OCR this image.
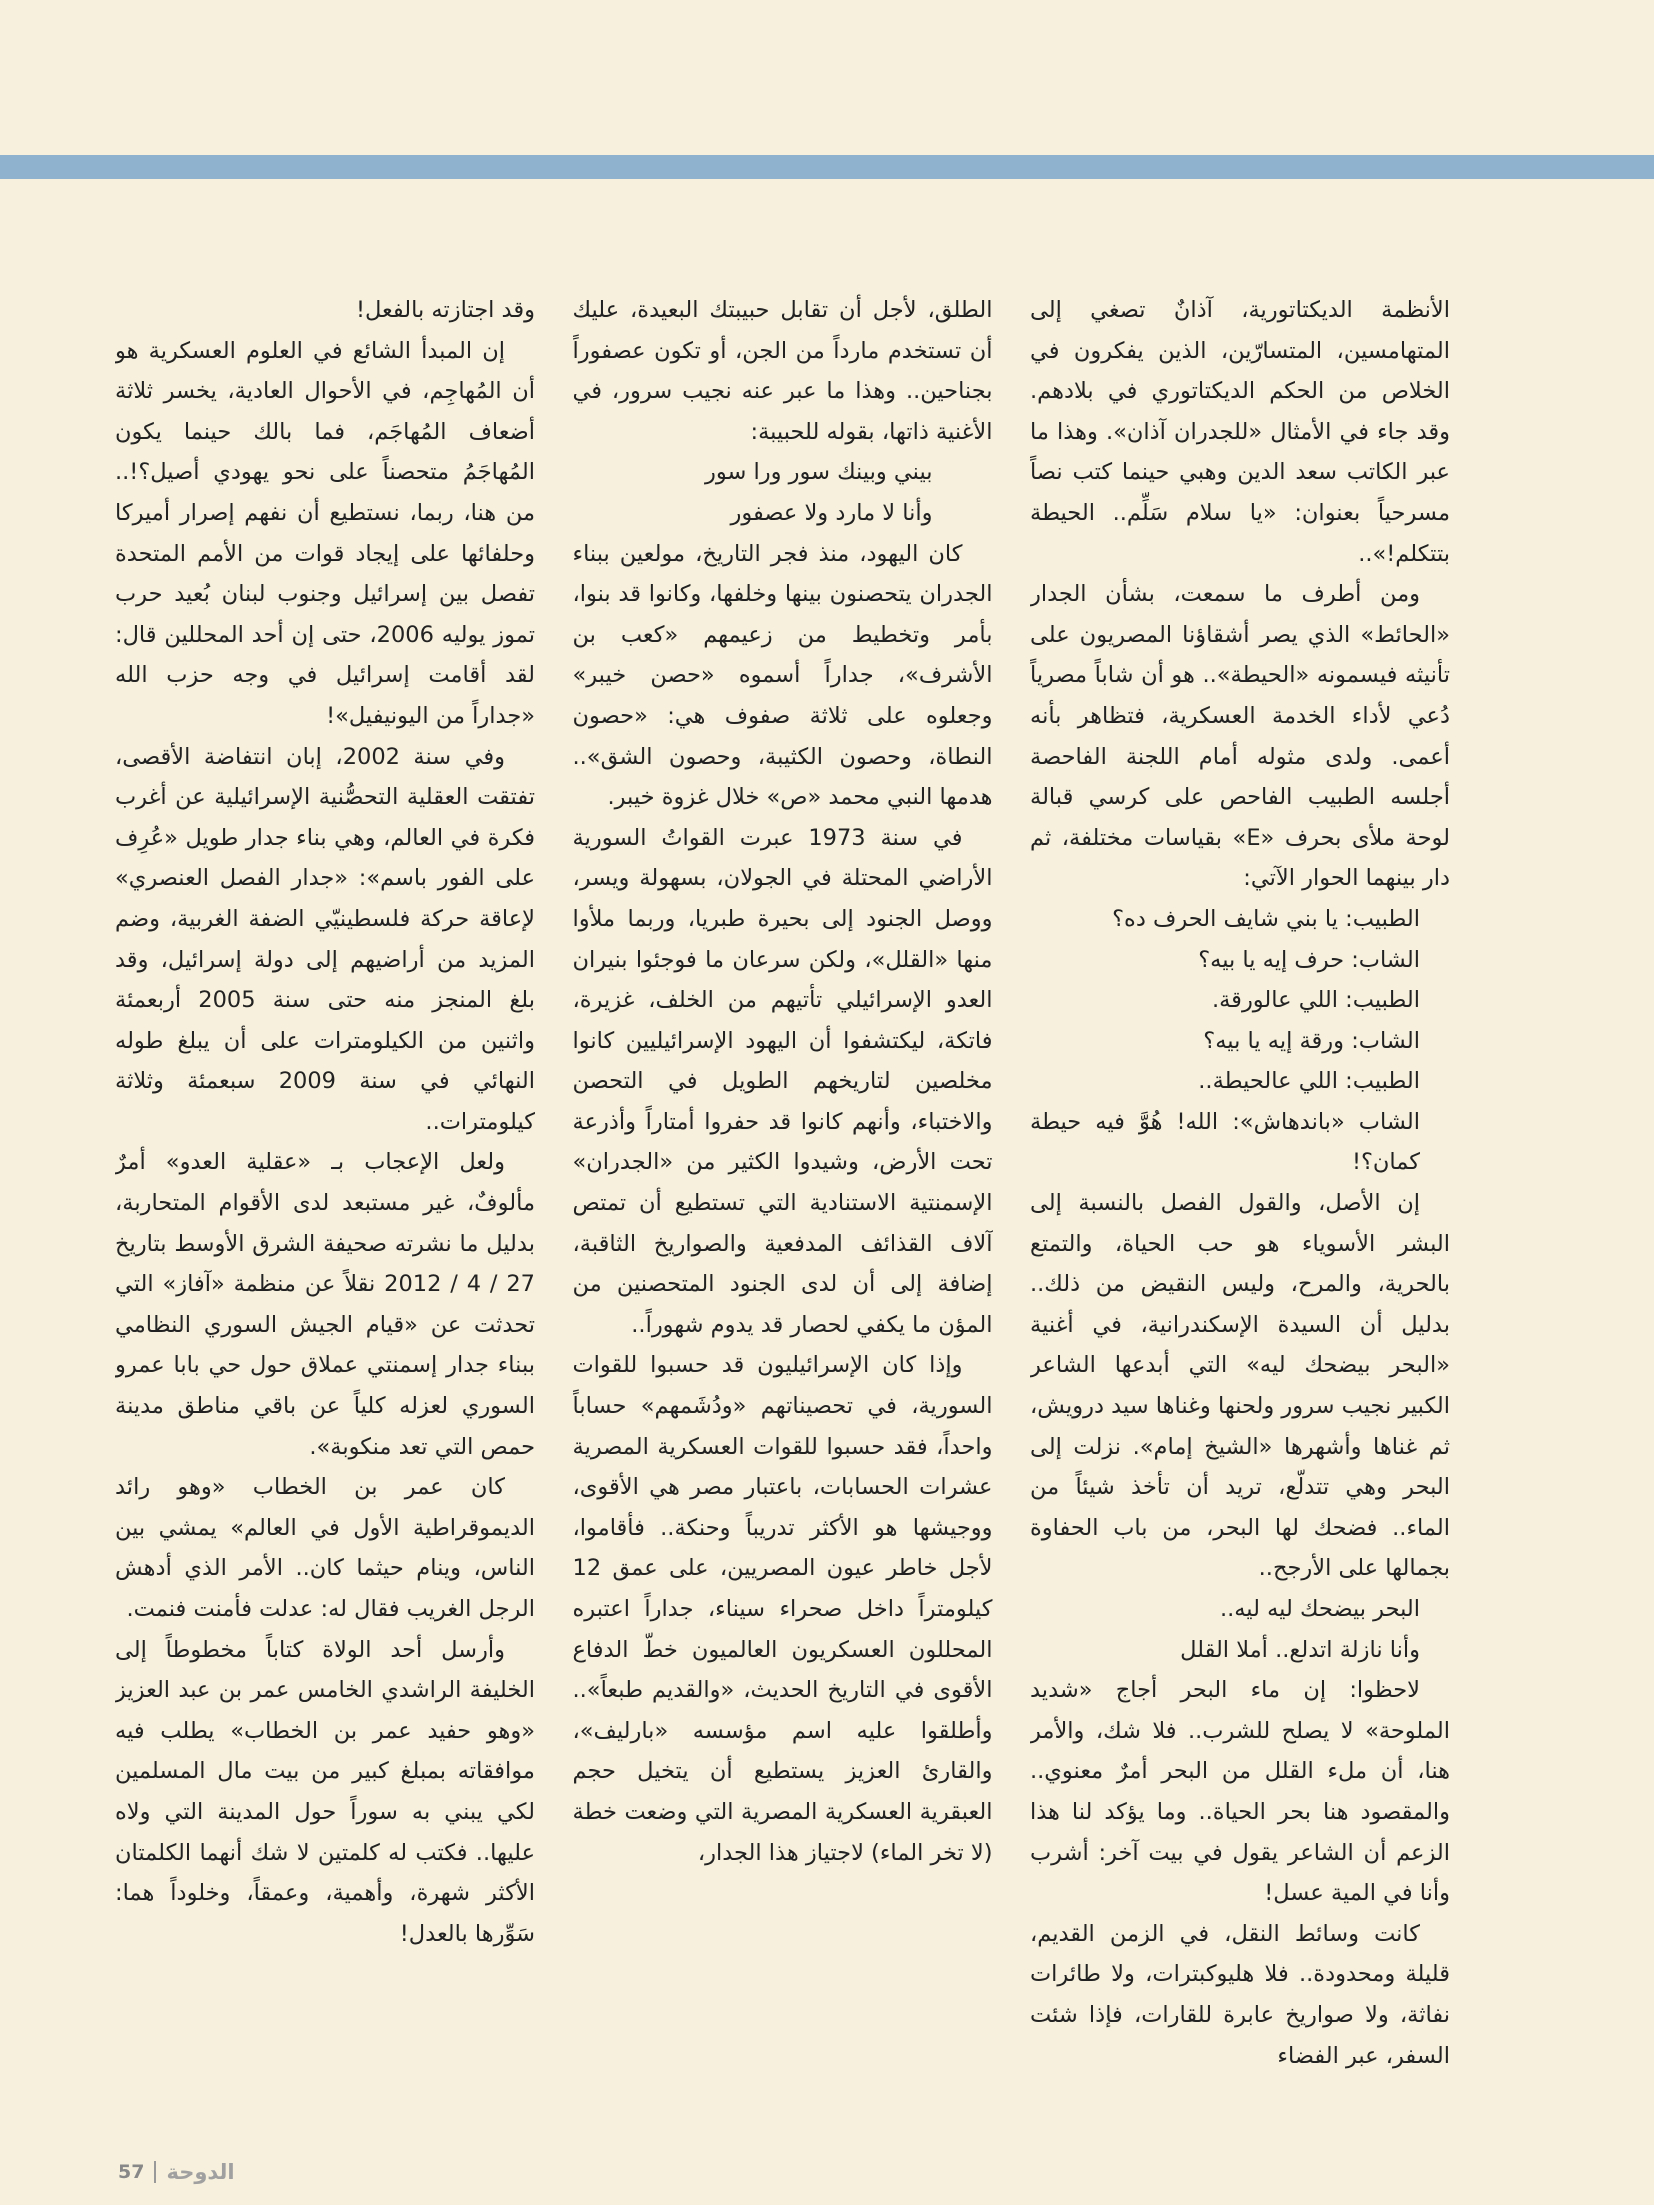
الأنظمة الديكتاتورية، آذانٌ تصغي إلى المتهامسين، المتسارّين، الذين يفكرون في الخلاص من الحكم الديكتاتوري في بلادهم. وقد جاء في الأمثال «للجدران آذان». وهذا ما عبر الكاتب سعد الدين وهبي حينما كتب نصاً مسرحياً بعنوان: «يا سلام سَلِّم.. الحيطة بتتكلم!»..

ومن أطرف ما سمعت، بشأن الجدار «الحائط» الذي يصر أشقاؤنا المصريون على تأنيثه فيسمونه «الحيطة».. هو أن شاباً مصرياً دُعي لأداء الخدمة العسكرية، فتظاهر بأنه أعمى. ولدى مثوله أمام اللجنة الفاحصة أجلسه الطبيب الفاحص على كرسي قبالة لوحة ملأى بحرف «E» بقياسات مختلفة، ثم دار بينهما الحوار الآتي:

الطبيب: يا بني شايف الحرف ده؟

الشاب: حرف إيه يا بيه؟

الطبيب: اللي عالورقة.

الشاب: ورقة إيه يا بيه؟

الطبيب: اللي عالحيطة..

الشاب «باندهاش»: الله! هُوَّ فيه حيطة كمان؟!

إن الأصل، والقول الفصل بالنسبة إلى البشر الأسوياء هو حب الحياة، والتمتع بالحرية، والمرح، وليس النقيض من ذلك.. بدليل أن السيدة الإسكندرانية، في أغنية «البحر بيضحك ليه» التي أبدعها الشاعر الكبير نجيب سرور ولحنها وغناها سيد درويش، ثم غناها وأشهرها «الشيخ إمام». نزلت إلى البحر وهي تتدلّع، تريد أن تأخذ شيئاً من الماء.. فضحك لها البحر، من باب الحفاوة بجمالها على الأرجح..

البحر بيضحك ليه ليه..

وأنا نازلة اتدلع.. أملا القلل

لاحظوا: إن ماء البحر أجاج «شديد الملوحة» لا يصلح للشرب.. فلا شك، والأمر هنا، أن ملء القلل من البحر أمرٌ معنوي.. والمقصود هنا بحر الحياة.. وما يؤكد لنا هذا الزعم أن الشاعر يقول في بيت آخر: أشرب وأنا في المية عسل!

كانت وسائط النقل، في الزمن القديم، قليلة ومحدودة.. فلا هليوكبترات، ولا طائرات نفاثة، ولا صواريخ عابرة للقارات، فإذا شئت السفر، عبر الفضاء

الطلق، لأجل أن تقابل حبيبتك البعيدة، عليك أن تستخدم مارداً من الجن، أو تكون عصفوراً بجناحين.. وهذا ما عبر عنه نجيب سرور، في الأغنية ذاتها، بقوله للحبيبة:

بيني وبينك سور ورا سور

وأنا لا مارد ولا عصفور

كان اليهود، منذ فجر التاريخ، مولعين ببناء الجدران يتحصنون بينها وخلفها، وكانوا قد بنوا، بأمر وتخطيط من زعيمهم «كعب بن الأشرف»، جداراً أسموه «حصن خيبر» وجعلوه على ثلاثة صفوف هي: «حصون النطاة، وحصون الكثيبة، وحصون الشق».. هدمها النبي محمد «ص» خلال غزوة خيبر.

في سنة 1973 عبرت القواتُ السورية الأراضي المحتلة في الجولان، بسهولة ويسر، ووصل الجنود إلى بحيرة طبريا، وربما ملأوا منها «القلل»، ولكن سرعان ما فوجئوا بنيران العدو الإسرائيلي تأتيهم من الخلف، غزيرة، فاتكة، ليكتشفوا أن اليهود الإسرائيليين كانوا مخلصين لتاريخهم الطويل في التحصن والاختباء، وأنهم كانوا قد حفروا أمتاراً وأذرعة تحت الأرض، وشيدوا الكثير من «الجدران» الإسمنتية الاستنادية التي تستطيع أن تمتص آلاف القذائف المدفعية والصواريخ الثاقبة، إضافة إلى أن لدى الجنود المتحصنين من المؤن ما يكفي لحصار قد يدوم شهوراً..

وإذا كان الإسرائيليون قد حسبوا للقوات السورية، في تحصيناتهم «ودُشَمهم» حساباً واحداً، فقد حسبوا للقوات العسكرية المصرية عشرات الحسابات، باعتبار مصر هي الأقوى، ووجيشها هو الأكثر تدريباً وحنكة.. فأقاموا، لأجل خاطر عيون المصريين، على عمق 12 كيلومتراً داخل صحراء سيناء، جداراً اعتبره المحللون العسكريون العالميون خطّ الدفاع الأقوى في التاريخ الحديث، «والقديم طبعاً».. وأطلقوا عليه اسم مؤسسه «بارليف»، والقارئ العزيز يستطيع أن يتخيل حجم العبقرية العسكرية المصرية التي وضعت خطة (لا تخر الماء) لاجتياز هذا الجدار،

وقد اجتازته بالفعل!

إن المبدأ الشائع في العلوم العسكرية هو أن المُهاجِم، في الأحوال العادية، يخسر ثلاثة أضعاف المُهاجَم، فما بالك حينما يكون المُهاجَمُ متحصناً على نحو يهودي أصيل؟!.. من هنا، ربما، نستطيع أن نفهم إصرار أميركا وحلفائها على إيجاد قوات من الأمم المتحدة تفصل بين إسرائيل وجنوب لبنان بُعيد حرب تموز يوليه 2006، حتى إن أحد المحللين قال: لقد أقامت إسرائيل في وجه حزب الله «جداراً من اليونيفيل»!

وفي سنة 2002، إبان انتفاضة الأقصى، تفتقت العقلية التحصُّنية الإسرائيلية عن أغرب فكرة في العالم، وهي بناء جدار طويل «عُرِف على الفور باسم»: «جدار الفصل العنصري» لإعاقة حركة فلسطينيّي الضفة الغربية، وضم المزيد من أراضيهم إلى دولة إسرائيل، وقد بلغ المنجز منه حتى سنة 2005 أربعمئة واثنين من الكيلومترات على أن يبلغ طوله النهائي في سنة 2009 سبعمئة وثلاثة كيلومترات..

ولعل الإعجاب بـ «عقلية العدو» أمرٌ مألوفٌ، غير مستبعد لدى الأقوام المتحاربة، بدليل ما نشرته صحيفة الشرق الأوسط بتاريخ 27 / 4 / 2012 نقلاً عن منظمة «آفاز» التي تحدثت عن «قيام الجيش السوري النظامي ببناء جدار إسمنتي عملاق حول حي بابا عمرو السوري لعزله كلياً عن باقي مناطق مدينة حمص التي تعد منكوبة».

كان عمر بن الخطاب «وهو رائد الديموقراطية الأول في العالم» يمشي بين الناس، وينام حيثما كان.. الأمر الذي أدهش الرجل الغريب فقال له: عدلت فأمنت فنمت.

وأرسل أحد الولاة كتاباً مخطوطاً إلى الخليفة الراشدي الخامس عمر بن عبد العزيز «وهو حفيد عمر بن الخطاب» يطلب فيه موافقاته بمبلغ كبير من بيت مال المسلمين لكي يبني به سوراً حول المدينة التي ولاه عليها.. فكتب له كلمتين لا شك أنهما الكلمتان الأكثر شهرة، وأهمية، وعمقاً، وخلوداً هما: سَوِّرها بالعدل!

57 الدوحة
